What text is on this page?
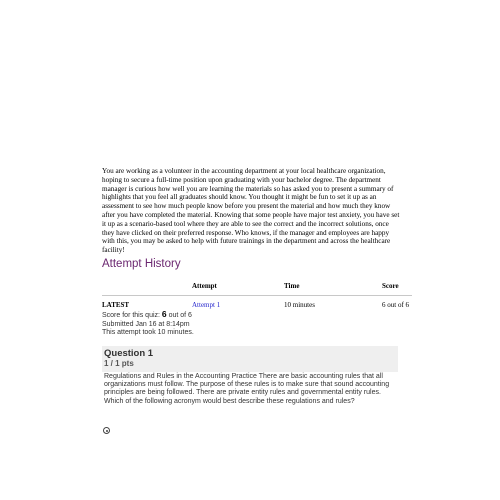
You are working as a volunteer in the accounting department at your local healthcare organization, hoping to secure a full-time position upon graduating with your bachelor degree. The department manager is curious how well you are learning the materials so has asked you to present a summary of highlights that you feel all graduates should know. You thought it might be fun to set it up as an assessment to see how much people know before you present the material and how much they know after you have completed the material. Knowing that some people have major test anxiety, you have set it up as a scenario-based tool where they are able to see the correct and the incorrect solutions, once they have clicked on their preferred response. Who knows, if the manager and employees are happy with this, you may be asked to help with future trainings in the department and across the healthcare facility!

Attempt History
	Attempt	Time	Score
LATEST	Attempt 1	10 minutes	6 out of 6
Score for this quiz: 6 out of 6
Submitted Jan 16 at 8:14pm
This attempt took 10 minutes.

Question 1

1 / 1 pts

Regulations and Rules in the Accounting Practice There are basic accounting rules that all organizations must follow. The purpose of these rules is to make sure that sound accounting principles are being followed. There are private entity rules and governmental entity rules. Which of the following acronym would best describe these regulations and rules?
